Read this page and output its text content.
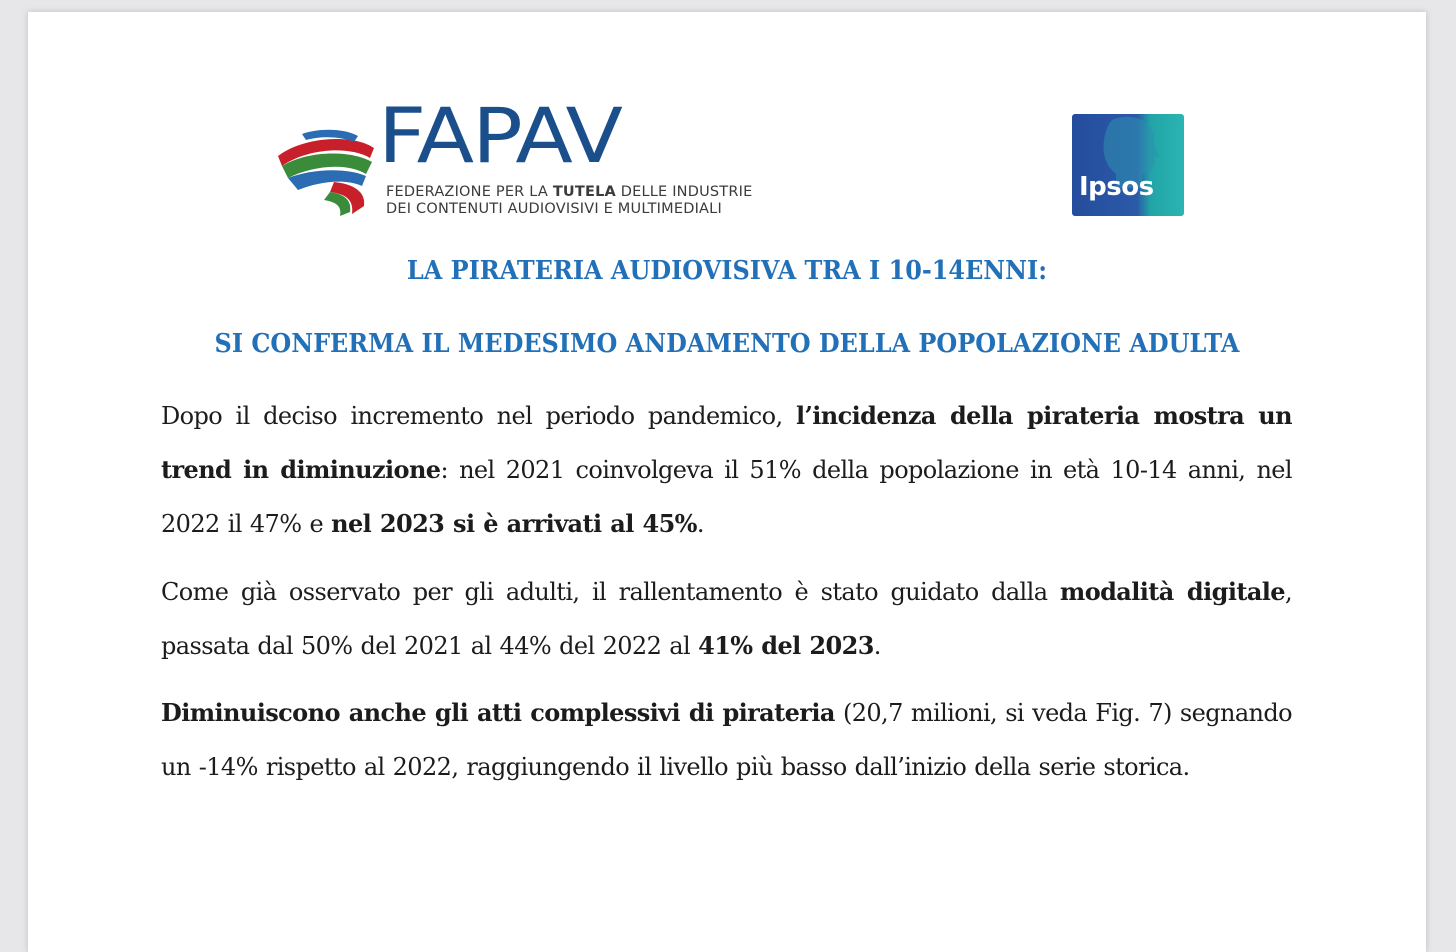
FAPAV
FEDERAZIONE PER LA TUTELA DELLE INDUSTRIE
DEI CONTENUTI AUDIOVISIVI E MULTIMEDIALI
Ipsos
LA PIRATERIA AUDIOVISIVA TRA I 10-14ENNI:
SI CONFERMA IL MEDESIMO ANDAMENTO DELLA POPOLAZIONE ADULTA
Dopo il deciso incremento nel periodo pandemico, l’incidenza della pirateria mostra un trend in diminuzione: nel 2021 coinvolgeva il 51% della popolazione in età 10-14 anni, nel 2022 il 47% e nel 2023 si è arrivati al 45%.
Come già osservato per gli adulti, il rallentamento è stato guidato dalla modalità digitale, passata dal 50% del 2021 al 44% del 2022 al 41% del 2023.
Diminuiscono anche gli atti complessivi di pirateria (20,7 milioni, si veda Fig. 7) segnando un -14% rispetto al 2022, raggiungendo il livello più basso dall’inizio della serie storica.
